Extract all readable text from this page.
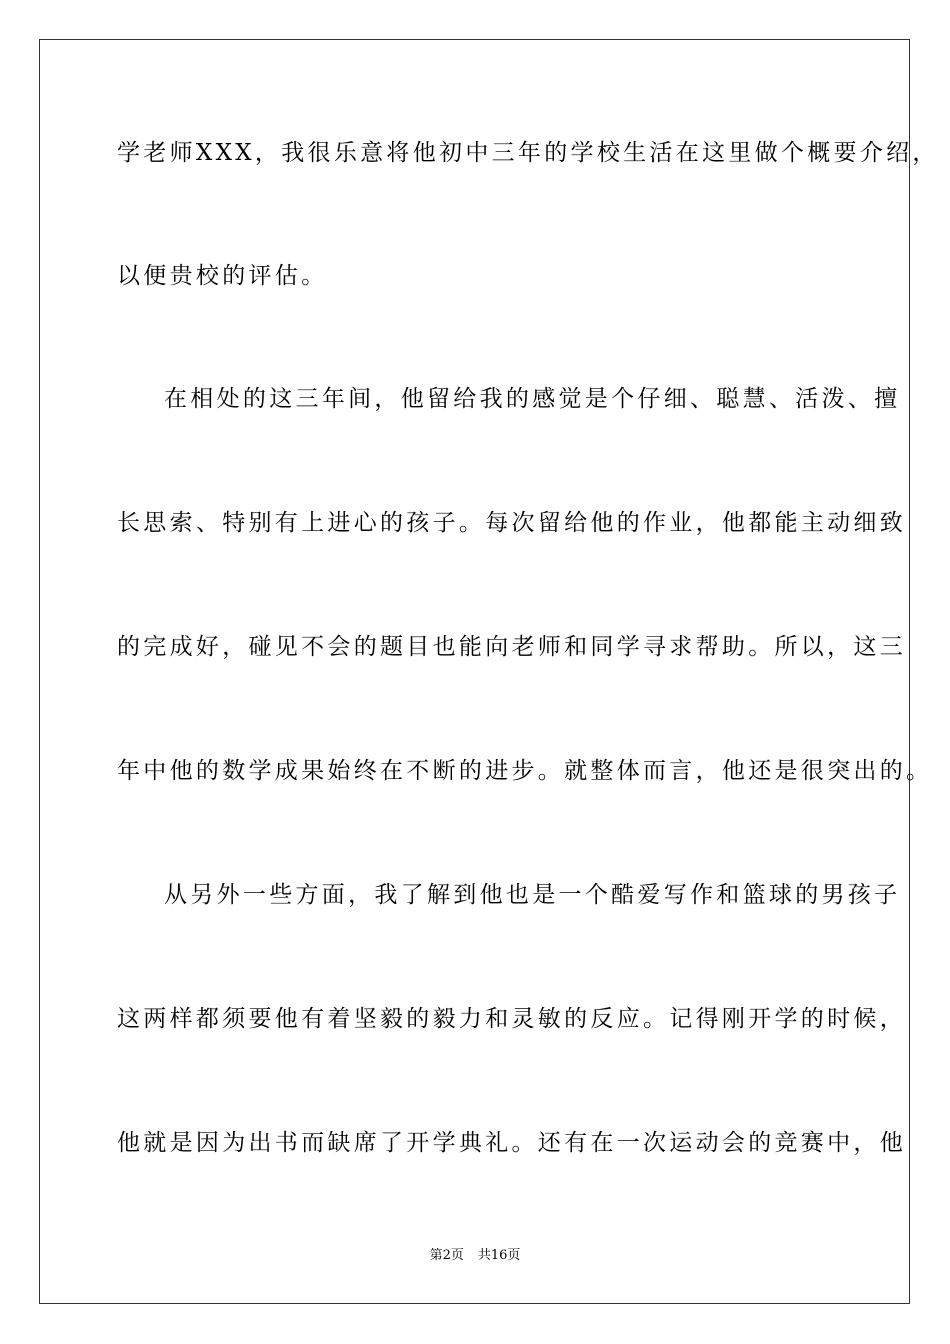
学老师XXX，我很乐意将他初中三年的学校生活在这里做个概要介绍，
以便贵校的评估。
在相处的这三年间，他留给我的感觉是个仔细、聪慧、活泼、擅
长思索、特别有上进心的孩子。每次留给他的作业，他都能主动细致
的完成好，碰见不会的题目也能向老师和同学寻求帮助。所以，这三
年中他的数学成果始终在不断的进步。就整体而言，他还是很突出的。
从另外一些方面，我了解到他也是一个酷爱写作和篮球的男孩子
这两样都须要他有着坚毅的毅力和灵敏的反应。记得刚开学的时候，
他就是因为出书而缺席了开学典礼。还有在一次运动会的竞赛中，他
第2页 共16页
